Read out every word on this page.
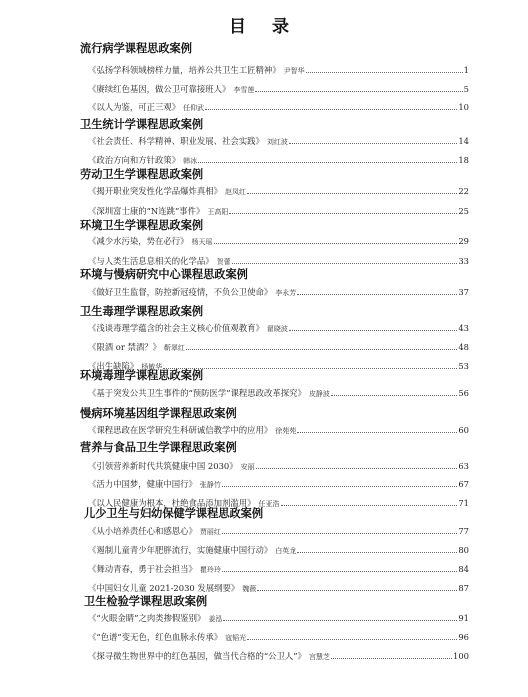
目 录
流行病学课程思政案例
《弘扬学科领域榜样力量，培养公共卫生工匠精神》 尹智华	1
《赓续红色基因，做公卫可靠接班人》 李雪莲	5
《以人为鉴，可正三观》 任仰武	10
卫生统计学课程思政案例
《社会责任、科学精神、职业发展、社会实践》 刘红波	14
《政治方向和方针政策》 韩冰	18
劳动卫生学课程思政案例
《揭开职业突发性化学品爆炸真相》 赵凤红	22
《深圳富士康的“N连跳”事件》 王高阳	25
环境卫生学课程思政案例
《减少水污染，势在必行》 杨天瑶	29
《与人类生活息息相关的化学品》 贺蕾	33
环境与慢病研究中心课程思政案例
《做好卫生监督，防控新冠疫情，不负公卫使命》 李永芳	37
卫生毒理学课程思政案例
《浅谈毒理学蕴含的社会主义核心价值观教育》 翟晓波	43
《限酒 or 禁酒？》 靳翠红	48
《出生缺陷》 杨敏华	53
环境毒理学课程思政案例
《基于突发公共卫生事件的“预防医学”课程思政改革探究》 皮静波	56
慢病环境基因组学课程思政案例
《课程思政在医学研究生科研诚信教学中的应用》 徐苑苑	60
营养与食品卫生学课程思政案例
《引领营养新时代共筑健康中国 2030》 安丽	63
《活力中国梦，健康中国行》 张静竹	67
《以人民健康为根本，杜绝食品添加剂滥用》 任亚浩	71
儿少卫生与妇幼保健学课程思政案例
《从小培养责任心和感恩心》 贾丽红	77
《遏制儿童青少年肥胖流行，实施健康中国行动》 白英龙	80
《舞动青春，勇于社会担当》 瞿玲玲	84
《中国妇女儿童 2021-2030 发展纲要》 魏薇	87
卫生检验学课程思政案例
《“火眼金睛”之肉类掺假鉴别》 姜泓	91
《“色谱”变无色，红色血脉永传承》 寇韬光	96
《探寻微生物世界中的红色基因，做当代合格的“公卫人”》 宫慧芝	100
